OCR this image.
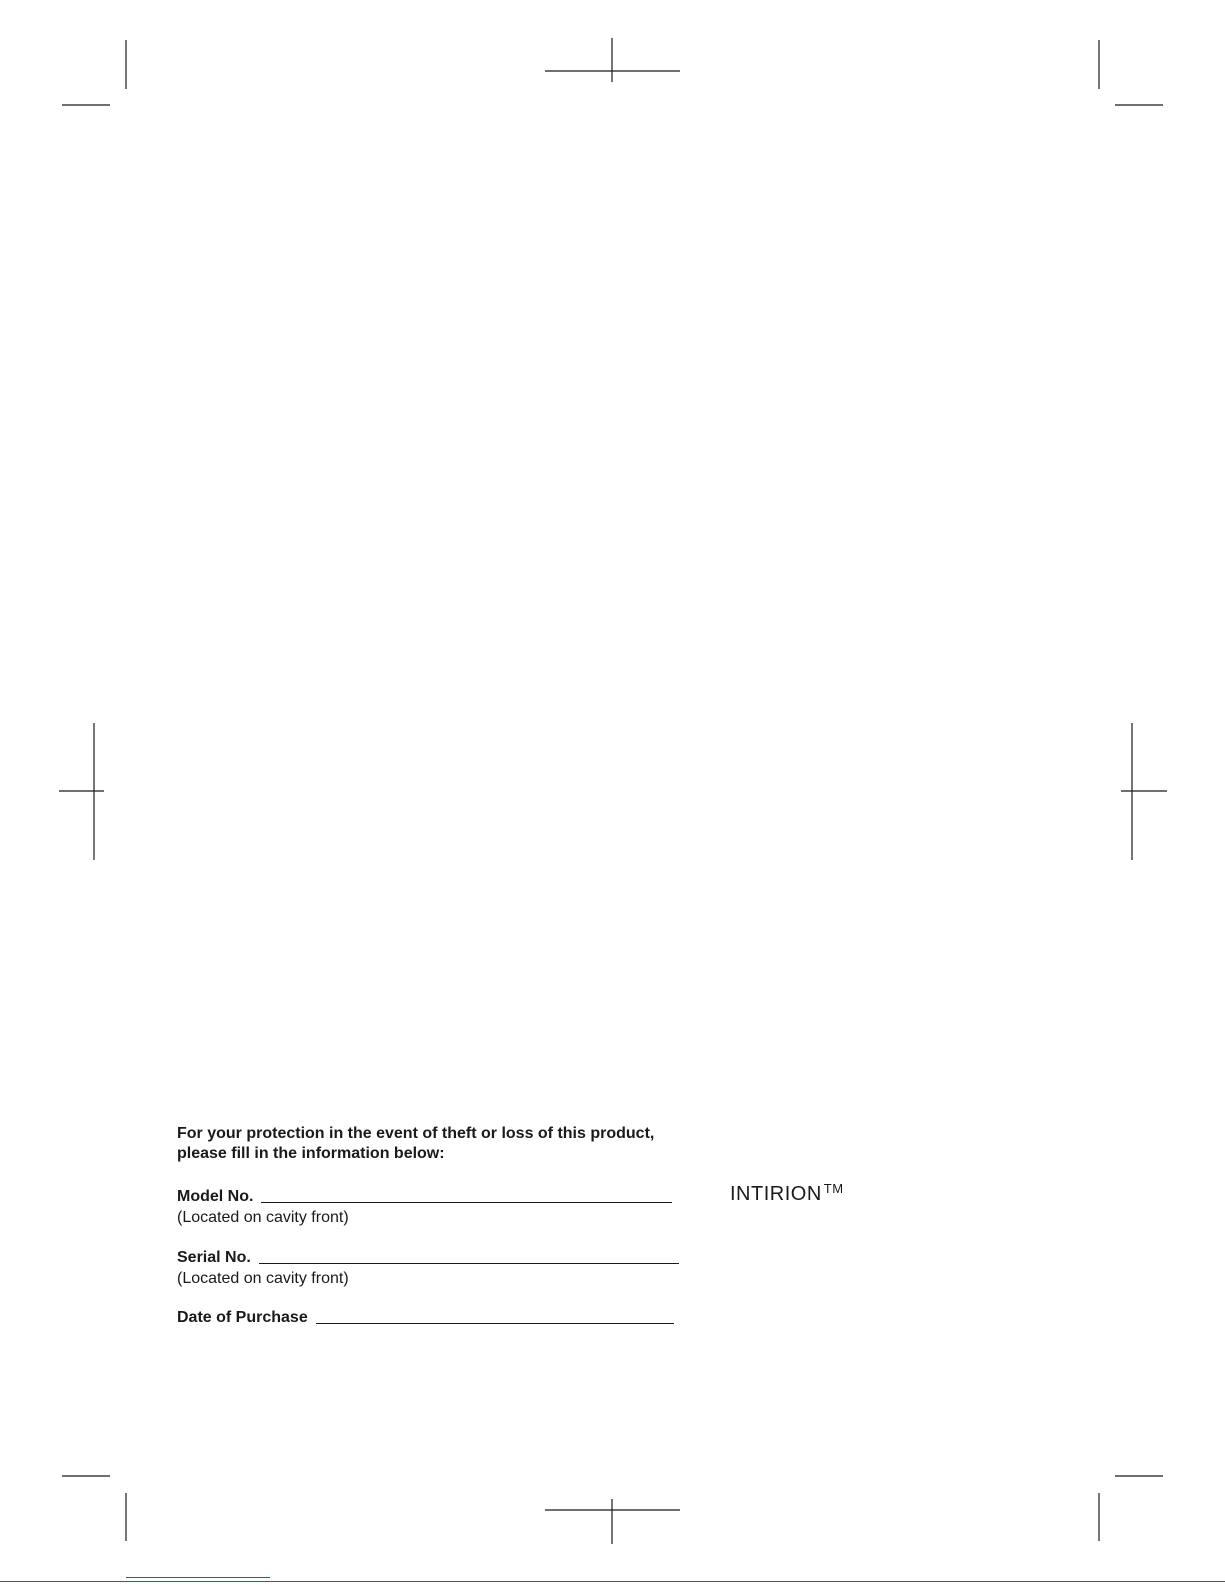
For your protection in the event of theft or loss of this product,
please fill in the information below:
Model No.
(Located on cavity front)
Serial No.
(Located on cavity front)
Date of Purchase
INTIRION ™
